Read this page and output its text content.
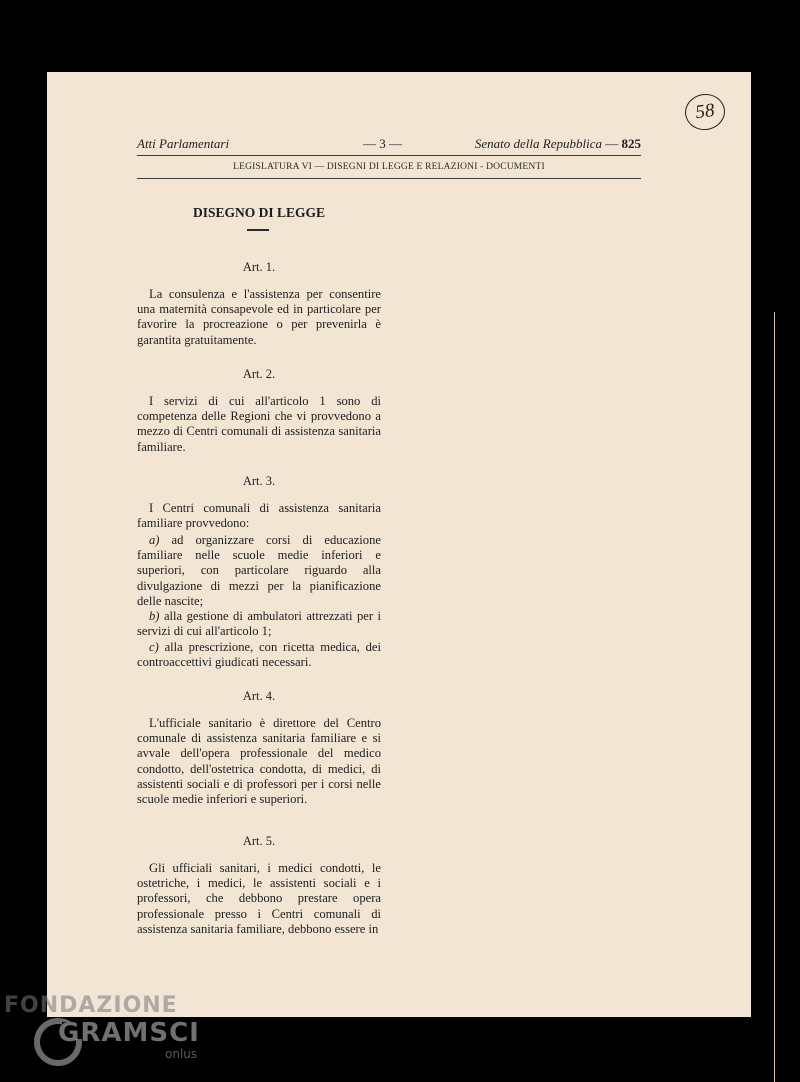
58
Atti Parlamentari	— 3 —	Senato della Repubblica — 825
LEGISLATURA VI — DISEGNI DI LEGGE E RELAZIONI - DOCUMENTI
DISEGNO DI LEGGE
Art. 1.

La consulenza e l'assistenza per consentire una maternità consapevole ed in particolare per favorire la procreazione o per prevenirla è garantita gratuitamente.

Art. 2.

I servizi di cui all'articolo 1 sono di competenza delle Regioni che vi provvedono a mezzo di Centri comunali di assistenza sanitaria familiare.

Art. 3.

I Centri comunali di assistenza sanitaria familiare provvedono:

a) ad organizzare corsi di educazione familiare nelle scuole medie inferiori e superiori, con particolare riguardo alla divulgazione di mezzi per la pianificazione delle nascite;

b) alla gestione di ambulatori attrezzati per i servizi di cui all'articolo 1;

c) alla prescrizione, con ricetta medica, dei controaccettivi giudicati necessari.

Art. 4.

L'ufficiale sanitario è direttore del Centro comunale di assistenza sanitaria familiare e si avvale dell'opera professionale del medico condotto, dell'ostetrica condotta, di medici, di assistenti sociali e di professori per i corsi nelle scuole medie inferiori e superiori.

Art. 5.

Gli ufficiali sanitari, i medici condotti, le ostetriche, i medici, le assistenti sociali e i professori, che debbono prestare opera professionale presso i Centri comunali di assistenza sanitaria familiare, debbono essere in

FONDAZIONE
GRAMSCI
onlus
